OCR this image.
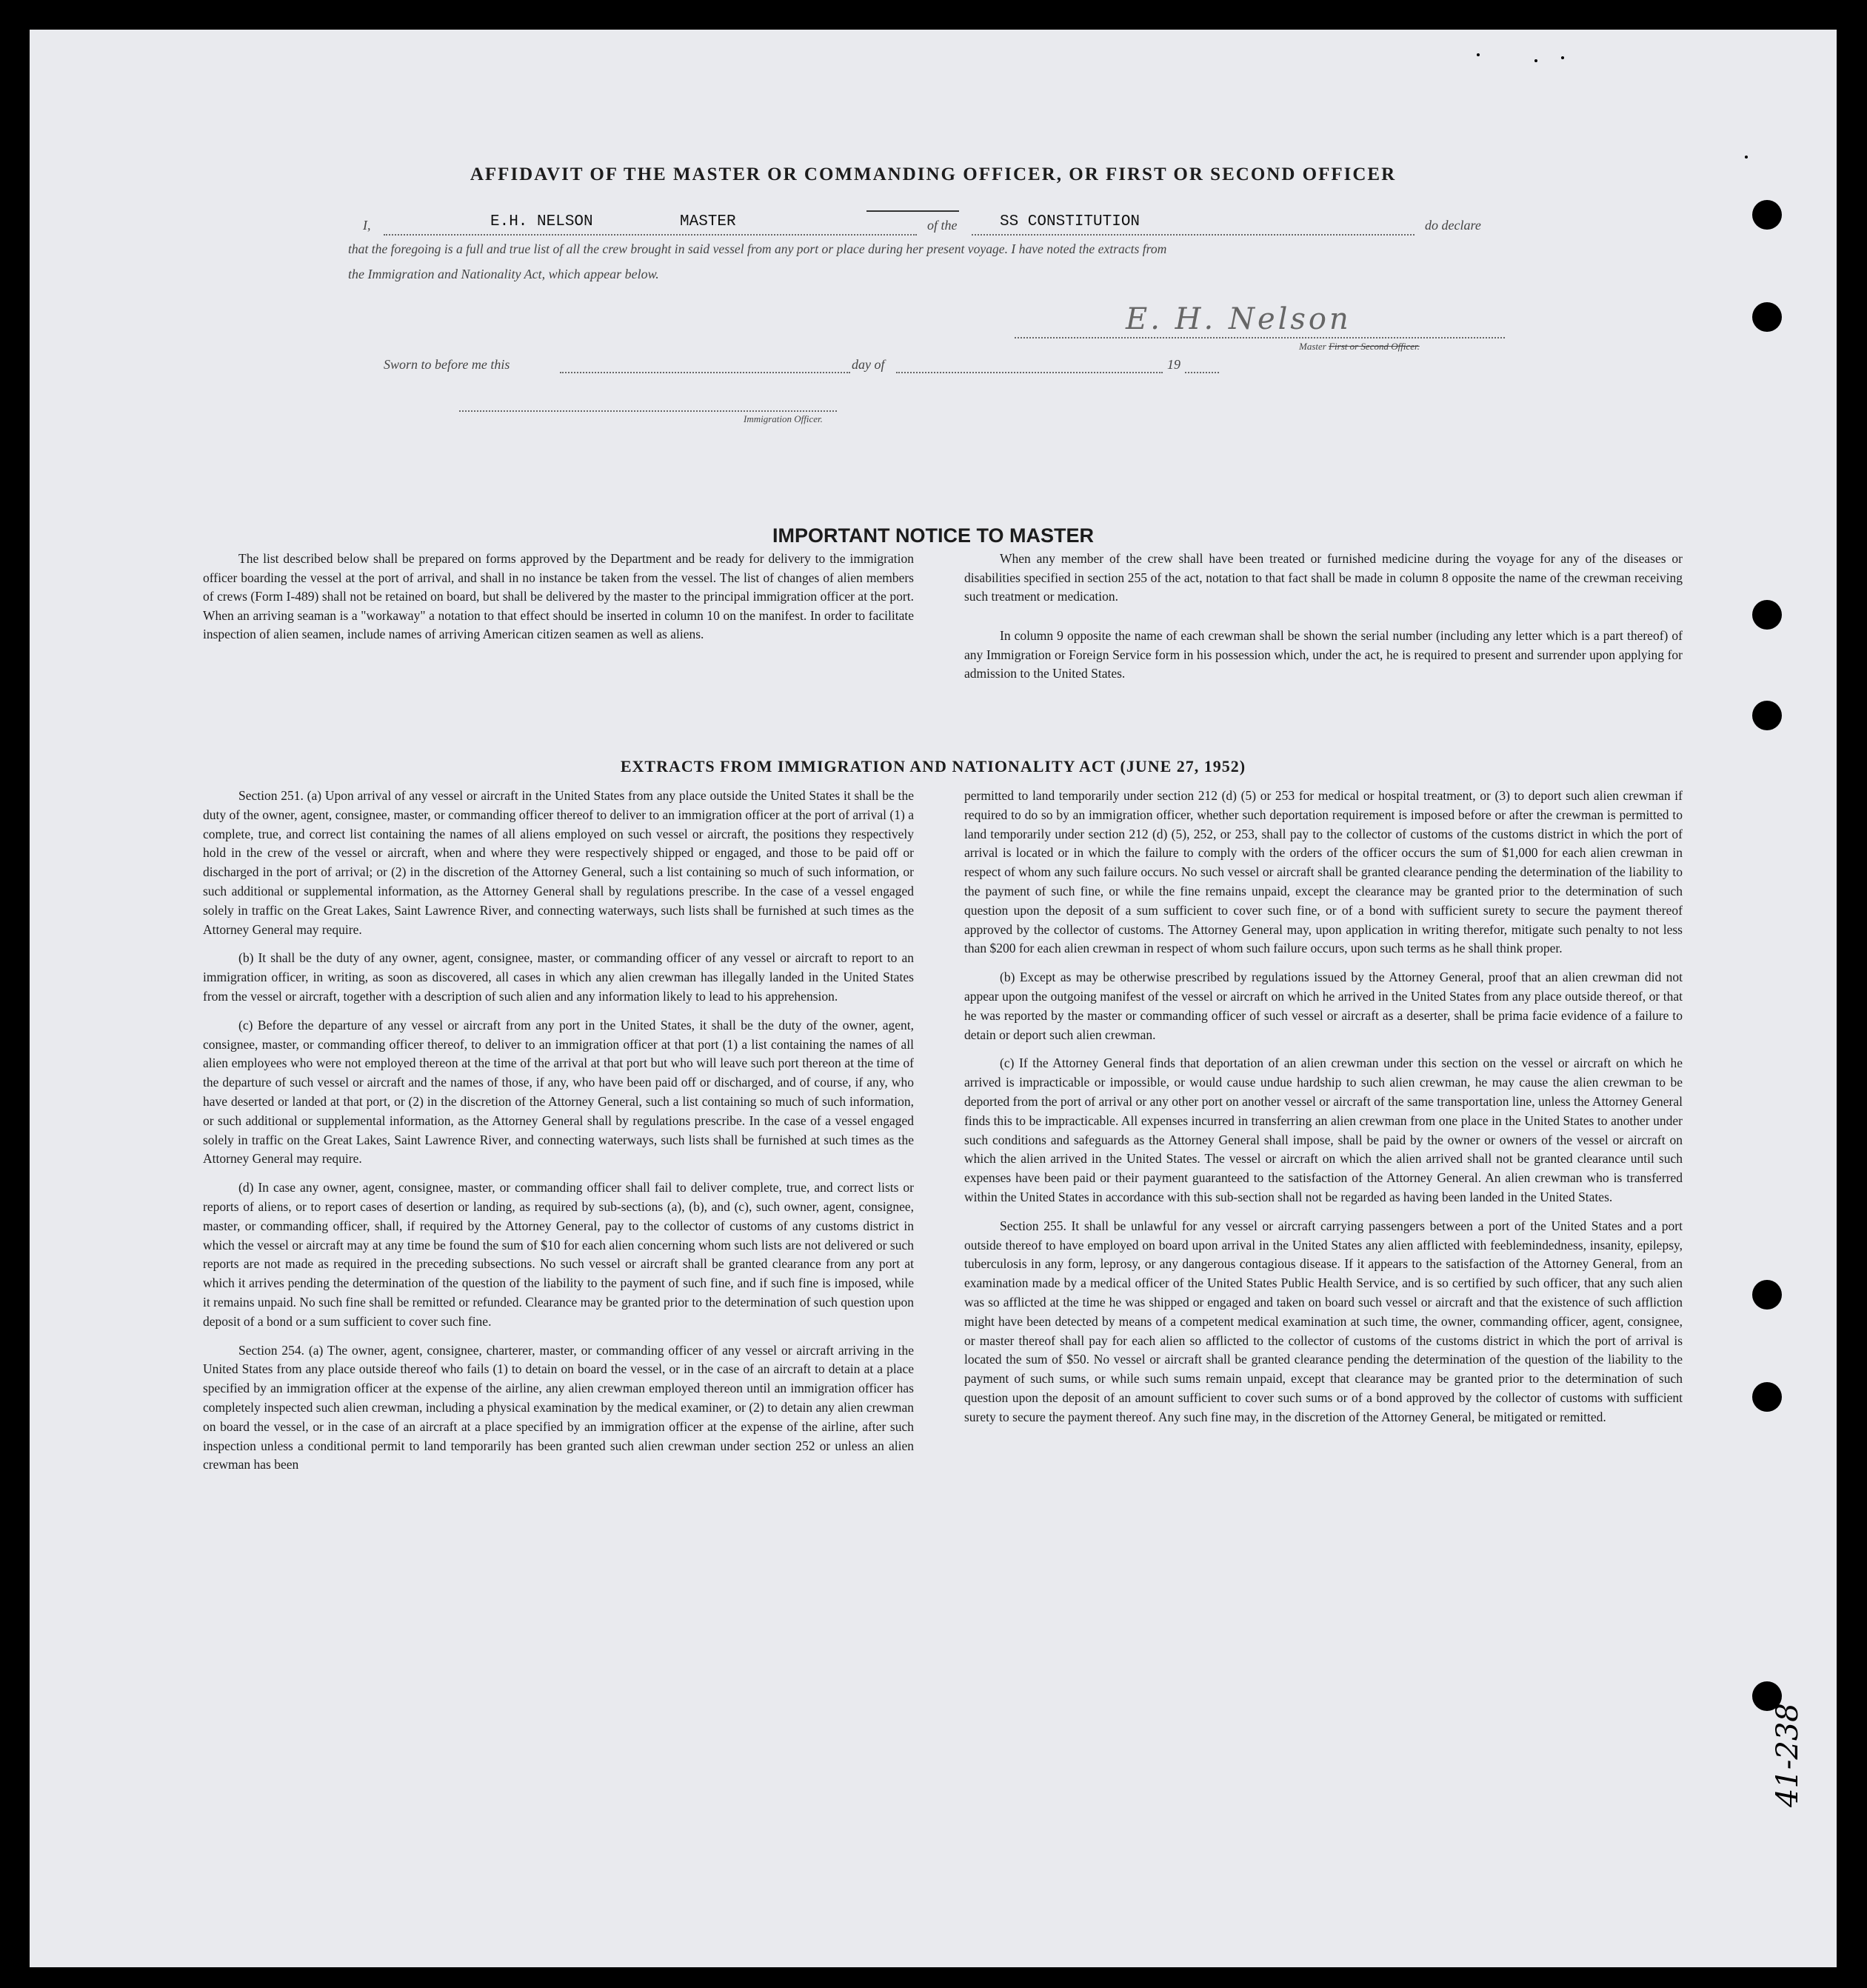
AFFIDAVIT OF THE MASTER OR COMMANDING OFFICER, OR FIRST OR SECOND OFFICER
I,	E.H. NELSON	MASTER	of the	SS CONSTITUTION	do declare
that the foregoing is a full and true list of all the crew brought in said vessel from any port or place during her present voyage. I have noted the extracts from
the Immigration and Nationality Act, which appear below.
E. H. Nelson
Master First or Second Officer.
Sworn to before me this	day of	19
Immigration Officer.
IMPORTANT NOTICE TO MASTER

The list described below shall be prepared on forms approved by the Department and be ready for delivery to the immigration officer boarding the vessel at the port of arrival, and shall in no instance be taken from the vessel. The list of changes of alien members of crews (Form I-489) shall not be retained on board, but shall be delivered by the master to the principal immigration officer at the port. When an arriving seaman is a "workaway" a notation to that effect should be inserted in column 10 on the manifest. In order to facilitate inspection of alien seamen, include names of arriving American citizen seamen as well as aliens.

When any member of the crew shall have been treated or furnished medicine during the voyage for any of the diseases or disabilities specified in section 255 of the act, notation to that fact shall be made in column 8 opposite the name of the crewman receiving such treatment or medication.

In column 9 opposite the name of each crewman shall be shown the serial number (including any letter which is a part thereof) of any Immigration or Foreign Service form in his possession which, under the act, he is required to present and surrender upon applying for admission to the United States.

EXTRACTS FROM IMMIGRATION AND NATIONALITY ACT (JUNE 27, 1952)

Section 251. (a) Upon arrival of any vessel or aircraft in the United States from any place outside the United States it shall be the duty of the owner, agent, consignee, master, or commanding officer thereof to deliver to an immigration officer at the port of arrival (1) a complete, true, and correct list containing the names of all aliens employed on such vessel or aircraft, the positions they respectively hold in the crew of the vessel or aircraft, when and where they were respectively shipped or engaged, and those to be paid off or discharged in the port of arrival; or (2) in the discretion of the Attorney General, such a list containing so much of such information, or such additional or supplemental information, as the Attorney General shall by regulations prescribe. In the case of a vessel engaged solely in traffic on the Great Lakes, Saint Lawrence River, and connecting waterways, such lists shall be furnished at such times as the Attorney General may require.

(b) It shall be the duty of any owner, agent, consignee, master, or commanding officer of any vessel or aircraft to report to an immigration officer, in writing, as soon as discovered, all cases in which any alien crewman has illegally landed in the United States from the vessel or aircraft, together with a description of such alien and any information likely to lead to his apprehension.

(c) Before the departure of any vessel or aircraft from any port in the United States, it shall be the duty of the owner, agent, consignee, master, or commanding officer thereof, to deliver to an immigration officer at that port (1) a list containing the names of all alien employees who were not employed thereon at the time of the arrival at that port but who will leave such port thereon at the time of the departure of such vessel or aircraft and the names of those, if any, who have been paid off or discharged, and of course, if any, who have deserted or landed at that port, or (2) in the discretion of the Attorney General, such a list containing so much of such information, or such additional or supplemental information, as the Attorney General shall by regulations prescribe. In the case of a vessel engaged solely in traffic on the Great Lakes, Saint Lawrence River, and connecting waterways, such lists shall be furnished at such times as the Attorney General may require.

(d) In case any owner, agent, consignee, master, or commanding officer shall fail to deliver complete, true, and correct lists or reports of aliens, or to report cases of desertion or landing, as required by sub-sections (a), (b), and (c), such owner, agent, consignee, master, or commanding officer, shall, if required by the Attorney General, pay to the collector of customs of any customs district in which the vessel or aircraft may at any time be found the sum of $10 for each alien concerning whom such lists are not delivered or such reports are not made as required in the preceding subsections. No such vessel or aircraft shall be granted clearance from any port at which it arrives pending the determination of the question of the liability to the payment of such fine, and if such fine is imposed, while it remains unpaid. No such fine shall be remitted or refunded. Clearance may be granted prior to the determination of such question upon deposit of a bond or a sum sufficient to cover such fine.

Section 254. (a) The owner, agent, consignee, charterer, master, or commanding officer of any vessel or aircraft arriving in the United States from any place outside thereof who fails (1) to detain on board the vessel, or in the case of an aircraft to detain at a place specified by an immigration officer at the expense of the airline, any alien crewman employed thereon until an immigration officer has completely inspected such alien crewman, including a physical examination by the medical examiner, or (2) to detain any alien crewman on board the vessel, or in the case of an aircraft at a place specified by an immigration officer at the expense of the airline, after such inspection unless a conditional permit to land temporarily has been granted such alien crewman under section 252 or unless an alien crewman has been

permitted to land temporarily under section 212 (d) (5) or 253 for medical or hospital treatment, or (3) to deport such alien crewman if required to do so by an immigration officer, whether such deportation requirement is imposed before or after the crewman is permitted to land temporarily under section 212 (d) (5), 252, or 253, shall pay to the collector of customs of the customs district in which the port of arrival is located or in which the failure to comply with the orders of the officer occurs the sum of $1,000 for each alien crewman in respect of whom any such failure occurs. No such vessel or aircraft shall be granted clearance pending the determination of the liability to the payment of such fine, or while the fine remains unpaid, except the clearance may be granted prior to the determination of such question upon the deposit of a sum sufficient to cover such fine, or of a bond with sufficient surety to secure the payment thereof approved by the collector of customs. The Attorney General may, upon application in writing therefor, mitigate such penalty to not less than $200 for each alien crewman in respect of whom such failure occurs, upon such terms as he shall think proper.

(b) Except as may be otherwise prescribed by regulations issued by the Attorney General, proof that an alien crewman did not appear upon the outgoing manifest of the vessel or aircraft on which he arrived in the United States from any place outside thereof, or that he was reported by the master or commanding officer of such vessel or aircraft as a deserter, shall be prima facie evidence of a failure to detain or deport such alien crewman.

(c) If the Attorney General finds that deportation of an alien crewman under this section on the vessel or aircraft on which he arrived is impracticable or impossible, or would cause undue hardship to such alien crewman, he may cause the alien crewman to be deported from the port of arrival or any other port on another vessel or aircraft of the same transportation line, unless the Attorney General finds this to be impracticable. All expenses incurred in transferring an alien crewman from one place in the United States to another under such conditions and safeguards as the Attorney General shall impose, shall be paid by the owner or owners of the vessel or aircraft on which the alien arrived in the United States. The vessel or aircraft on which the alien arrived shall not be granted clearance until such expenses have been paid or their payment guaranteed to the satisfaction of the Attorney General. An alien crewman who is transferred within the United States in accordance with this sub-section shall not be regarded as having been landed in the United States.

Section 255. It shall be unlawful for any vessel or aircraft carrying passengers between a port of the United States and a port outside thereof to have employed on board upon arrival in the United States any alien afflicted with feeblemindedness, insanity, epilepsy, tuberculosis in any form, leprosy, or any dangerous contagious disease. If it appears to the satisfaction of the Attorney General, from an examination made by a medical officer of the United States Public Health Service, and is so certified by such officer, that any such alien was so afflicted at the time he was shipped or engaged and taken on board such vessel or aircraft and that the existence of such affliction might have been detected by means of a competent medical examination at such time, the owner, commanding officer, agent, consignee, or master thereof shall pay for each alien so afflicted to the collector of customs of the customs district in which the port of arrival is located the sum of $50. No vessel or aircraft shall be granted clearance pending the determination of the question of the liability to the payment of such sums, or while such sums remain unpaid, except that clearance may be granted prior to the determination of such question upon the deposit of an amount sufficient to cover such sums or of a bond approved by the collector of customs with sufficient surety to secure the payment thereof. Any such fine may, in the discretion of the Attorney General, be mitigated or remitted.

41-238
